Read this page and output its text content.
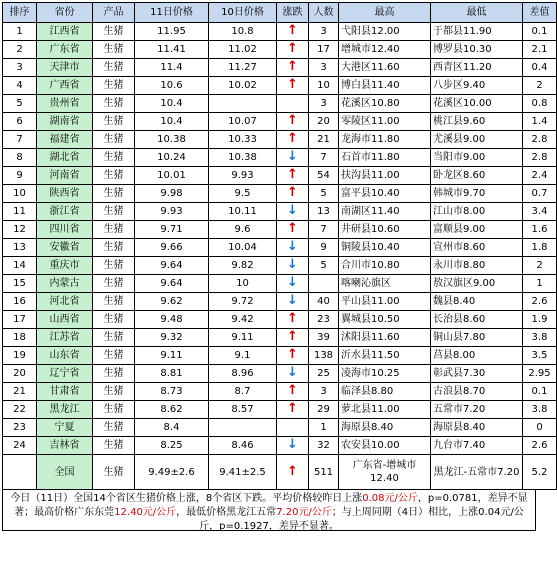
排序	省份	产品	11日价格	10日价格	涨跌	人数	最高	最低	差值
1	江西省	生猪	11.95	10.8	↑	3	弋阳县12.00	于都县11.90	0.1
2	广东省	生猪	11.41	11.02	↑	17	增城市12.40	博罗县10.30	2.1
3	天津市	生猪	11.4	11.27	↑	3	大港区11.60	西青区11.20	0.4
4	广西省	生猪	10.6	10.02	↑	10	博白县11.40	八步区9.40	2
5	贵州省	生猪	10.4			3	花溪区10.80	花溪区10.00	0.8
6	湖南省	生猪	10.4	10.07	↑	20	零陵区11.00	桃江县9.60	1.4
7	福建省	生猪	10.38	10.33	↑	21	龙海市11.80	尤溪县9.00	2.8
8	湖北省	生猪	10.24	10.38	↓	7	石首市11.80	当阳市9.00	2.8
9	河南省	生猪	10.01	9.93	↑	54	扶沟县11.00	卧龙区8.60	2.4
10	陕西省	生猪	9.98	9.5	↑	5	富平县10.40	韩城市9.70	0.7
11	浙江省	生猪	9.93	10.11	↓	13	南湖区11.40	江山市8.00	3.4
12	四川省	生猪	9.71	9.6	↑	7	井研县10.60	富顺县9.00	1.6
13	安徽省	生猪	9.66	10.04	↓	9	铜陵县10.40	宣州市8.60	1.8
14	重庆市	生猪	9.64	9.82	↓	5	合川市10.80	永川市8.80	2
15	内蒙古	生猪	9.64	10	↓		喀喇沁旗区	敖汉旗区9.00	1
16	河北省	生猪	9.62	9.72	↓	40	平山县11.00	魏县8.40	2.6
17	山西省	生猪	9.48	9.42	↑	23	翼城县10.50	长治县8.60	1.9
18	江苏省	生猪	9.32	9.11	↑	39	沭阳县11.60	铜山县7.80	3.8
19	山东省	生猪	9.11	9.1	↑	138	沂水县11.50	莒县8.00	3.5
20	辽宁省	生猪	8.81	8.96	↓	25	凌海市10.25	彰武县7.30	2.95
21	甘肃省	生猪	8.73	8.7	↑	3	临泽县8.80	古浪县8.70	0.1
22	黑龙江	生猪	8.62	8.57	↑	29	萝北县11.00	五常市7.20	3.8
23	宁夏	生猪	8.4			1	海原县8.40	海原县8.40	0
24	吉林省	生猪	8.25	8.46	↓	32	农安县10.00	九台市7.40	2.6
	全国	生猪	9.49±2.6	9.41±2.5	↑	511	广东省-增城市12.40	黑龙江-五常市7.20	5.2
今日（11日）全国14个省区生猪价格上涨，8个省区下跌。平均价格较昨日上涨0.08元/公斤，p=0.0781，差异不显著；最高价格广东东莞12.40元/公斤，最低价格黑龙江五常7.20元/公斤；与上周同期（4日）相比，上涨0.04元/公斤，p=0.1927，差异不显著。
